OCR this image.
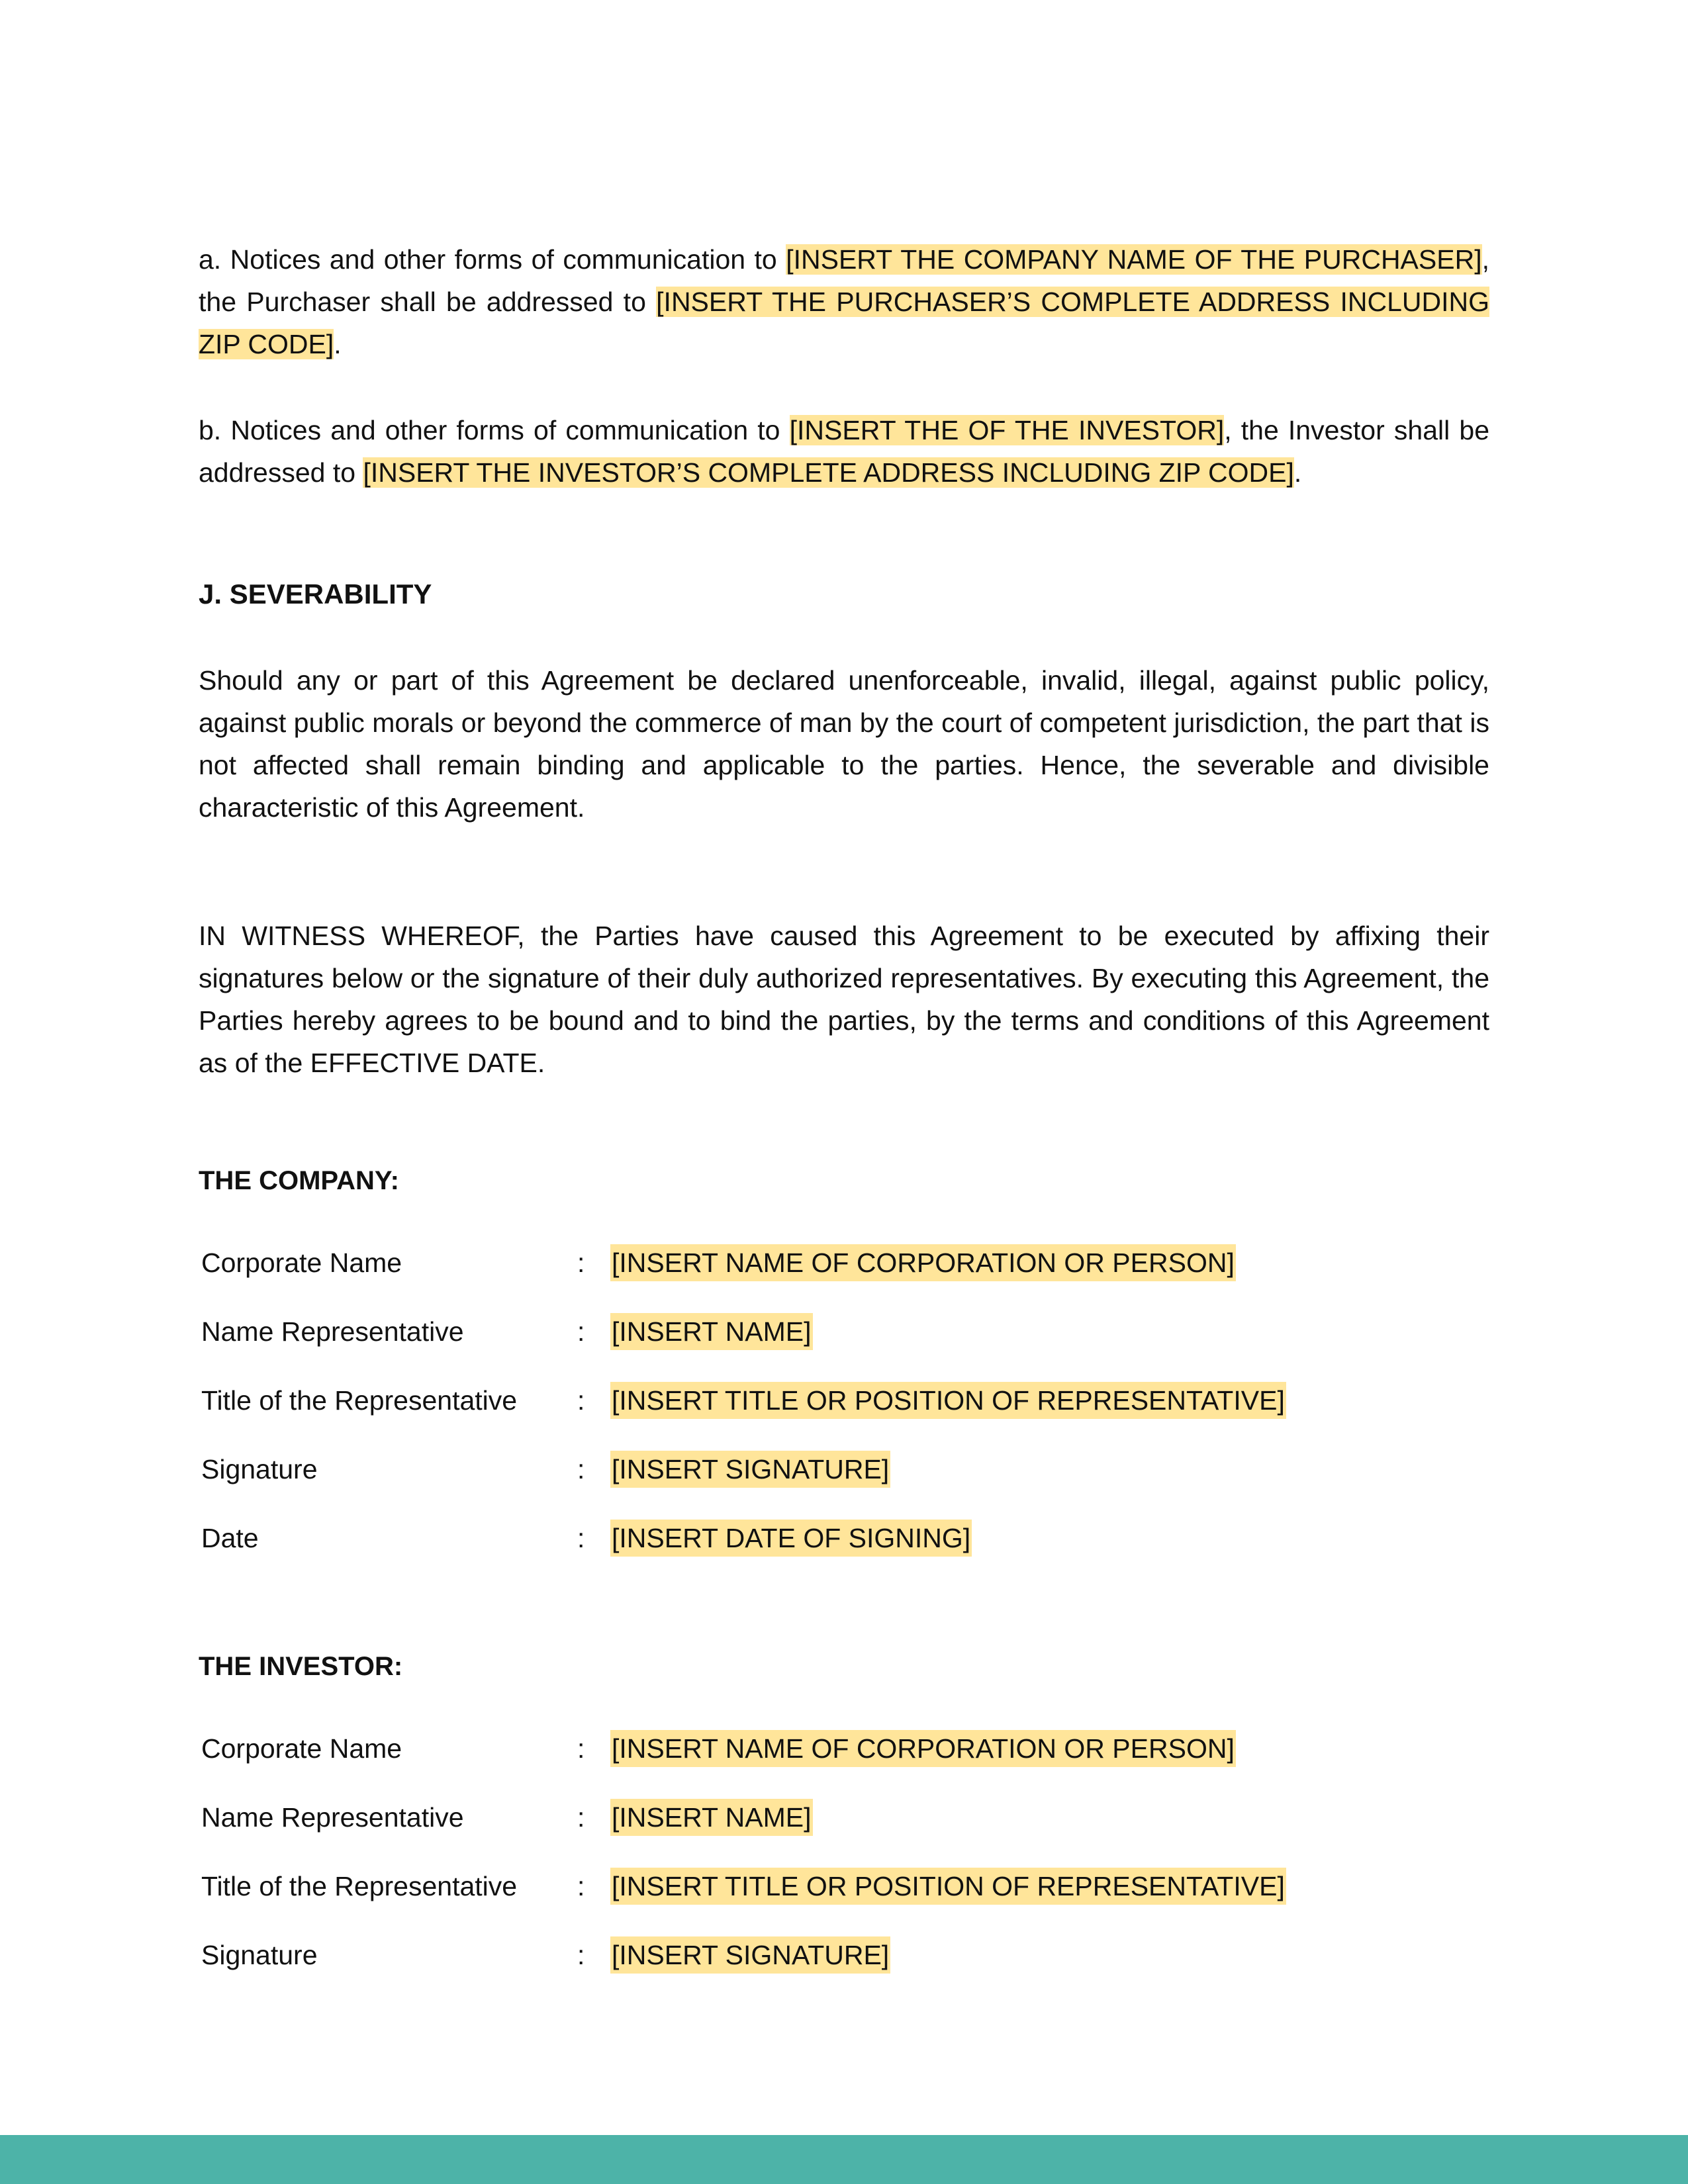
a. Notices and other forms of communication to [INSERT THE COMPANY NAME OF THE PURCHASER], the Purchaser shall be addressed to [INSERT THE PURCHASER’S COMPLETE ADDRESS INCLUDING ZIP CODE].

b. Notices and other forms of communication to [INSERT THE OF THE INVESTOR], the Investor shall be addressed to [INSERT THE INVESTOR’S COMPLETE ADDRESS INCLUDING ZIP CODE].

J. SEVERABILITY

Should any or part of this Agreement be declared unenforceable, invalid, illegal, against public policy, against public morals or beyond the commerce of man by the court of competent jurisdiction, the part that is not affected shall remain binding and applicable to the parties. Hence, the severable and divisible characteristic of this Agreement.

IN WITNESS WHEREOF, the Parties have caused this Agreement to be executed by affixing their signatures below or the signature of their duly authorized representatives. By executing this Agreement, the Parties hereby agrees to be bound and to bind the parties, by the terms and conditions of this Agreement as of the EFFECTIVE DATE.

THE COMPANY:
Corporate Name	: [INSERT NAME OF CORPORATION OR PERSON]
Name Representative	: [INSERT NAME]
Title of the Representative	: [INSERT TITLE OR POSITION OF REPRESENTATIVE]
Signature	: [INSERT SIGNATURE]
Date	: [INSERT DATE OF SIGNING]
THE INVESTOR:
Corporate Name	: [INSERT NAME OF CORPORATION OR PERSON]
Name Representative	: [INSERT NAME]
Title of the Representative	: [INSERT TITLE OR POSITION OF REPRESENTATIVE]
Signature	: [INSERT SIGNATURE]
